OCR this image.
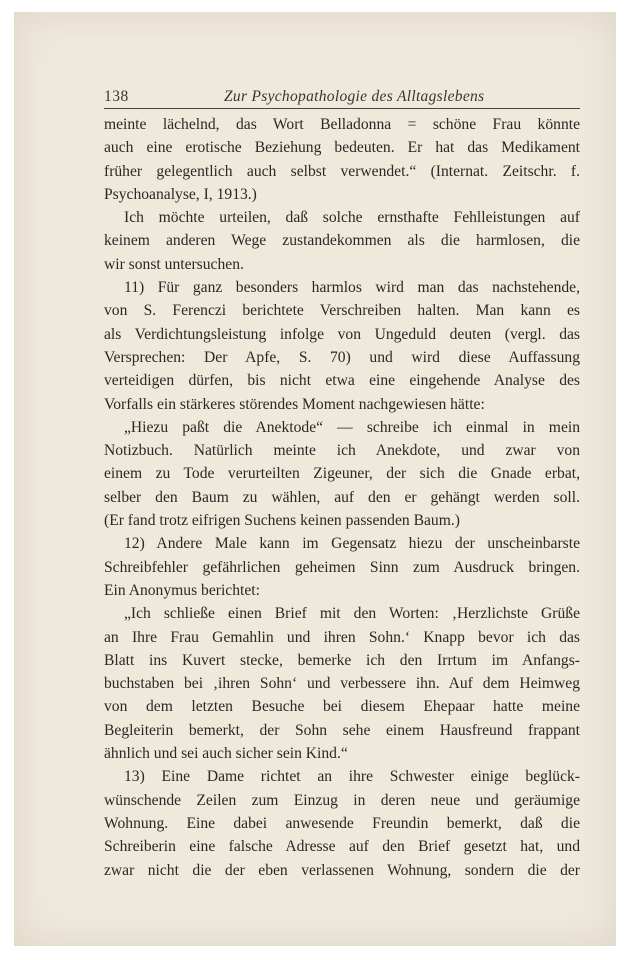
138	Zur Psychopathologie des Alltagslebens
meinte lächelnd, das Wort Belladonna = schöne Frau könnte
auch eine erotische Beziehung bedeuten. Er hat das Medikament
früher gelegentlich auch selbst verwendet.“ (Internat. Zeitschr. f.
Psychoanalyse, I, 1913.)
Ich möchte urteilen, daß solche ernsthafte Fehlleistungen auf
keinem anderen Wege zustandekommen als die harmlosen, die
wir sonst untersuchen.
11) Für ganz besonders harmlos wird man das nachstehende,
von S. Ferenczi berichtete Verschreiben halten. Man kann es
als Verdichtungsleistung infolge von Ungeduld deuten (vergl. das
Versprechen: Der Apfe, S. 70) und wird diese Auffassung
verteidigen dürfen, bis nicht etwa eine eingehende Analyse des
Vorfalls ein stärkeres störendes Moment nachgewiesen hätte:
„Hiezu paßt die Anektode“ — schreibe ich einmal in mein
Notizbuch. Natürlich meinte ich Anekdote, und zwar von
einem zu Tode verurteilten Zigeuner, der sich die Gnade erbat,
selber den Baum zu wählen, auf den er gehängt werden soll.
(Er fand trotz eifrigen Suchens keinen passenden Baum.)
12) Andere Male kann im Gegensatz hiezu der unscheinbarste
Schreibfehler gefährlichen geheimen Sinn zum Ausdruck bringen.
Ein Anonymus berichtet:
„Ich schließe einen Brief mit den Worten: ‚Herzlichste Grüße
an Ihre Frau Gemahlin und ihren Sohn.‘ Knapp bevor ich das
Blatt ins Kuvert stecke, bemerke ich den Irrtum im Anfangs-
buchstaben bei ‚ihren Sohn‘ und verbessere ihn. Auf dem Heimweg
von dem letzten Besuche bei diesem Ehepaar hatte meine
Begleiterin bemerkt, der Sohn sehe einem Hausfreund frappant
ähnlich und sei auch sicher sein Kind.“
13) Eine Dame richtet an ihre Schwester einige beglück-
wünschende Zeilen zum Einzug in deren neue und geräumige
Wohnung. Eine dabei anwesende Freundin bemerkt, daß die
Schreiberin eine falsche Adresse auf den Brief gesetzt hat, und
zwar nicht die der eben verlassenen Wohnung, sondern die der
